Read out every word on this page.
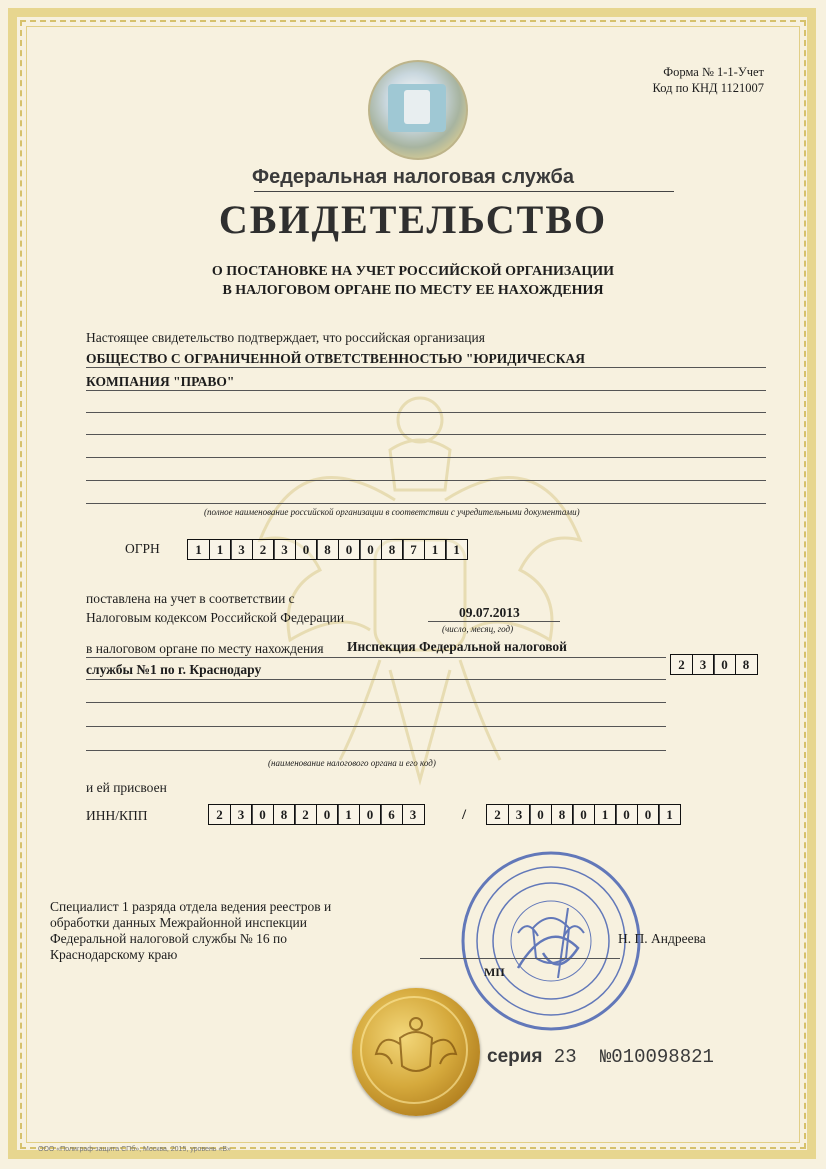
Форма № 1-1-Учет
Код по КНД 1121007
Федеральная налоговая служба
СВИДЕТЕЛЬСТВО
О ПОСТАНОВКЕ НА УЧЕТ РОССИЙСКОЙ ОРГАНИЗАЦИИ
В НАЛОГОВОМ ОРГАНЕ ПО МЕСТУ ЕЕ НАХОЖДЕНИЯ
Настоящее свидетельство подтверждает, что российская организация
ОБЩЕСТВО С ОГРАНИЧЕННОЙ ОТВЕТСТВЕННОСТЬЮ "ЮРИДИЧЕСКАЯ
КОМПАНИЯ "ПРАВО"
(полное наименование российской организации в соответствии с учредительными документами)
ОГРН	1	1	3	2	3	0	8	0	0	8	7	1	1
поставлена на учет в соответствии с
Налоговым кодексом Российской Федерации	09.07.2013
(число, месяц, год)
в налоговом органе по месту нахождения Инспекция Федеральной налоговой
службы №1 по г. Краснодару	2	3	0	8
(наименование налогового органа и его код)
и ей присвоен
ИНН/КПП	2	3	0	8	2	0	1	0	6	3	/	2	3	0	8	0	1	0	0	1
Специалист 1 разряда отдела ведения реестров и
обработки данных Межрайонной инспекции
Федеральной налоговой службы № 16 по
Краснодарскому краю
Н. П. Андреева
МП
серия 23 №010098821
ООО «Полиграф-защита СПб», Москва, 2015, уровень «В»
